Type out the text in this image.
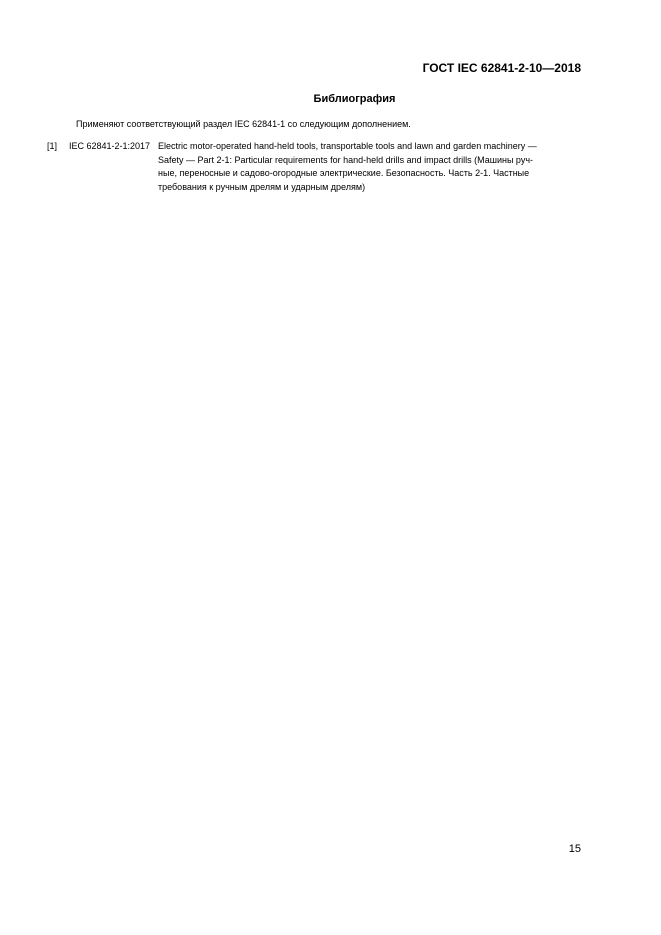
ГОСТ IEC 62841-2-10—2018
Библиография
Применяют соответствующий раздел IEC 62841-1 со следующим дополнением.
[1] IEC 62841-2-1:2017 Electric motor-operated hand-held tools, transportable tools and lawn and garden machinery —
Safety — Part 2-1: Particular requirements for hand-held drills and impact drills (Машины руч-
ные, переносные и садово-огородные электрические. Безопасность. Часть 2-1. Частные
требования к ручным дрелям и ударным дрелям)
15
